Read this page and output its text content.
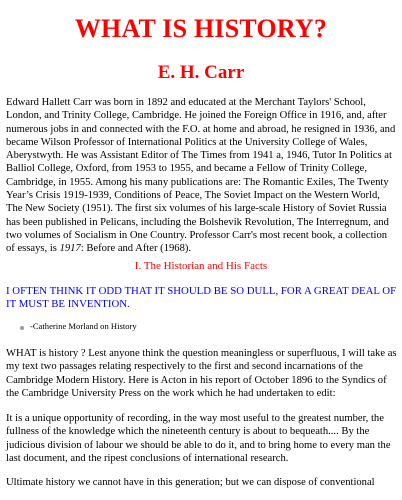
WHAT IS HISTORY?
E. H. Carr

Edward Hallett Carr was born in 1892 and educated at the Merchant Taylors' School, London, and Trinity College, Cambridge. He joined the Foreign Office in 1916, and, after numerous jobs in and connected with the F.O. at home and abroad, he resigned in 1936, and became Wilson Professor of International Politics at the University College of Wales, Aberystwyth. He was Assistant Editor of The Times from 1941 a, 1946, Tutor In Politics at Balliol College, Oxford, from 1953 to 1955, and became a Fellow of Trinity College, Cambridge, in 1955. Among his many publications are: The Romantic Exiles, The Twenty Year’s Crisis 1919-1939, Conditions of Peace, The Soviet Impact on the Western World, The New Society (1951). The first six volumes of his large-scale History of Soviet Russia has been published in Pelicans, including the Bolshevik Revolution, The Interregnum, and two volumes of Socialism in One Country. Professor Carr's most recent book, a collection of essays, is 1917: Before and After (1968).

I. The Historian and His Facts

I OFTEN THINK IT ODD THAT IT SHOULD BE SO DULL, FOR A GREAT DEAL OF IT MUST BE INVENTION.

-Catherine Morland on History

WHAT is history ? Lest anyone think the question meaningless or superfluous, I will take as my text two passages relating respectively to the first and second incarnations of the Cambridge Modern History. Here is Acton in his report of October 1896 to the Syndics of the Cambridge University Press on the work which he had undertaken to edit:

It is a unique opportunity of recording, in the way most useful to the greatest number, the fullness of the knowledge which the nineteenth century is about to bequeath.... By the judicious division of labour we should be able to do it, and to bring home to every man the last document, and the ripest conclusions of international research.

Ultimate history we cannot have in this generation; but we can dispose of conventional
